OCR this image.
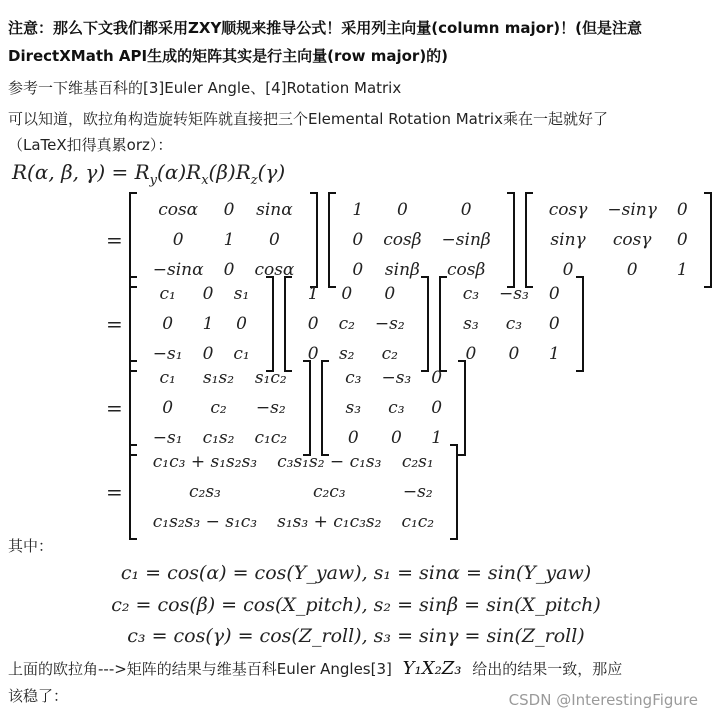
注意：那么下文我们都采用ZXY顺规来推导公式！采用列主向量(column major)！(但是注意
DirectXMath API生成的矩阵其实是行主向量(row major)的)
参考一下维基百科的[3]Euler Angle、[4]Rotation Matrix
可以知道，欧拉角构造旋转矩阵就直接把三个Elemental Rotation Matrix乘在一起就好了
（LaTeX扣得真累orz）：
R(α, β, $\gamma) = R_y(\alpha)R_x(\beta)R_z(\gamma)$
=
cosα	0	sinα
0	1	0
−sinα	0	cosα
1	0	0
0	cosβ	−sinβ
0	sinβ	cosβ
cosγ	−sinγ	0
sinγ	cosγ	0
0	0	1
=
c₁	0	s₁
0	1	0
−s₁	0	c₁
1	0	0
0	c₂	−s₂
0	s₂	c₂
c₃	−s₃	0
s₃	c₃	0
0	0	1
=
c₁	s₁s₂	s₁c₂
0	c₂	−s₂
−s₁	c₁s₂	c₁c₂
c₃	−s₃	0
s₃	c₃	0
0	0	1
=
c₁c₃ + s₁s₂s₃	c₃s₁s₂ − c₁s₃	c₂s₁
c₂s₃	c₂c₃	−s₂
c₁s₂s₃ − s₁c₃	s₁s₃ + c₁c₃s₂	c₁c₂
其中：
c₁ = cos(α) = cos(Y_yaw), s₁ = sinα = sin(Y_yaw)
c₂ = cos(β) = cos(X_pitch), s₂ = sinβ = sin(X_pitch)
c₃ = cos(γ) = cos(Z_roll), s₃ = sinγ = sin(Z_roll)
上面的欧拉角--->矩阵的结果与维基百科Euler Angles[3] Y₁X₂Z₃ 给出的结果一致，那应
该稳了：	CSDN @InterestingFigure
